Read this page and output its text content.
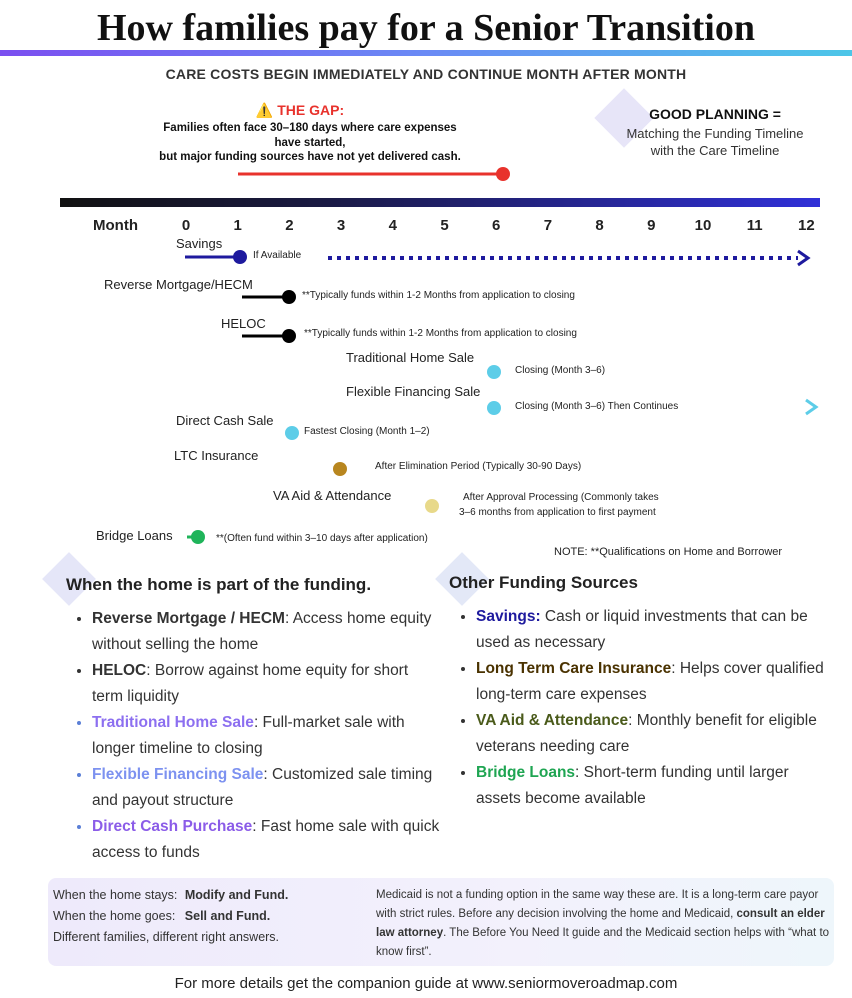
How families pay for a Senior Transition
CARE COSTS BEGIN IMMEDIATELY AND CONTINUE MONTH AFTER MONTH
⚠️ THE GAP:
Families often face 30–180 days where care expenses
have started,
but major funding sources have not yet delivered cash.
GOOD PLANNING =
Matching the Funding Timeline
with the Care Timeline
Month	0	1	2	3	4	5	6	7	8	9	10 11 12
Savings
If Available
Reverse Mortgage/HECM
**Typically funds within 1-2 Months from application to closing
HELOC
**Typically funds within 1-2 Months from application to closing
Traditional Home Sale
Closing (Month 3–6)
Flexible Financing Sale
Closing (Month 3–6) Then Continues
Direct Cash Sale
Fastest Closing (Month 1–2)
LTC Insurance
After Elimination Period (Typically 30-90 Days)
VA Aid & Attendance	After Approval Processing (Commonly takes
3–6 months from application to first payment
Bridge Loans	**(Often fund within 3–10 days after application)
NOTE: **Qualifications on Home and Borrower
When the home is part of the funding.
• Reverse Mortgage / HECM: Access home equity without selling the home
• HELOC: Borrow against home equity for short term liquidity
• Traditional Home Sale: Full-market sale with longer timeline to closing
• Flexible Financing Sale: Customized sale timing and payout structure
• Direct Cash Purchase: Fast home sale with quick access to funds
Other Funding Sources
• Savings: Cash or liquid investments that can be used as necessary
• Long Term Care Insurance: Helps cover qualified long-term care expenses
• VA Aid & Attendance: Monthly benefit for eligible veterans needing care
• Bridge Loans: Short-term funding until larger assets become available
When the home stays: Modify and Fund.
When the home goes: Sell and Fund.
Different families, different right answers.
Medicaid is not a funding option in the same way these are. It is a long-term care payor with strict rules. Before any decision involving the home and Medicaid, consult an elder law attorney. The Before You Need It guide and the Medicaid section helps with “what to know first”.
For more details get the companion guide at www.seniormoveroadmap.com
